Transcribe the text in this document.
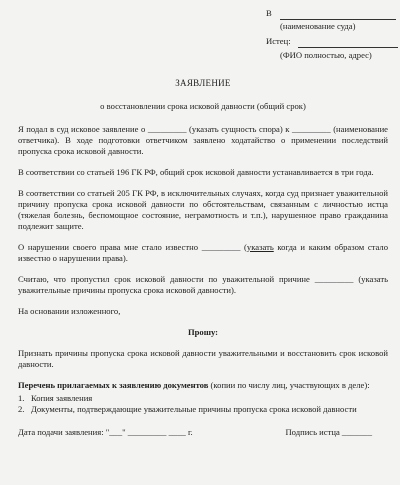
В
(наименование суда)
Истец:
(ФИО полностью, адрес)
ЗАЯВЛЕНИЕ
о восстановлении срока исковой давности (общий срок)

Я подал в суд исковое заявление о _________ (указать сущность спора) к _________ (наименование ответчика). В ходе подготовки ответчиком заявлено ходатайство о применении последствий пропуска срока исковой давности.

В соответствии со статьей 196 ГК РФ, общий срок исковой давности устанавливается в три года.

В соответствии со статьей 205 ГК РФ, в исключительных случаях, когда суд признает уважительной причину пропуска срока исковой давности по обстоятельствам, связанным с личностью истца (тяжелая болезнь, беспомощное состояние, неграмотность и т.п.), нарушенное право гражданина подлежит защите.

О нарушении своего права мне стало известно _________ (указать когда и каким образом стало известно о нарушении права).

Считаю, что пропустил срок исковой давности по уважительной причине _________ (указать уважительные причины пропуска срока исковой давности).

На основании изложенного,

Прошу:

Признать причины пропуска срока исковой давности уважительными и восстановить срок исковой давности.

Перечень прилагаемых к заявлению документов (копии по числу лиц, участвующих в деле):
1. Копия заявления
2. Документы, подтверждающие уважительные причины пропуска срока исковой давности
Дата подачи заявления: "___" _________ ____ г.	Подпись истца _______
